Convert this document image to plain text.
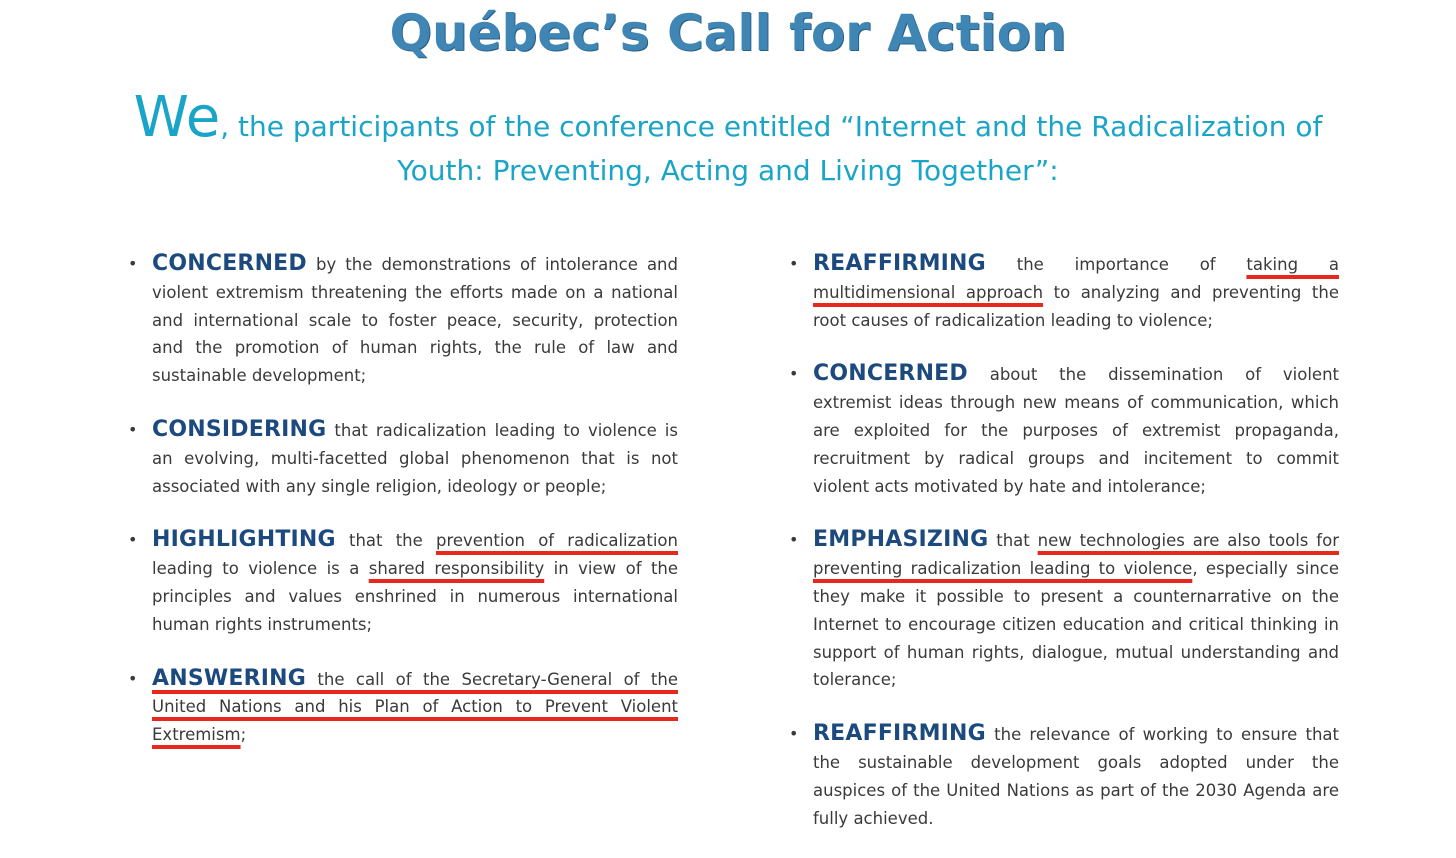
Québec’s Call for Action

We, the participants of the conference entitled “Internet and the Radicalization of Youth: Preventing, Acting and Living Together”:

• CONCERNED by the demonstrations of intolerance and violent extremism threatening the efforts made on a national and international scale to foster peace, security, protection and the promotion of human rights, the rule of law and sustainable development;
• CONSIDERING that radicalization leading to violence is an evolving, multi-facetted global phenomenon that is not associated with any single religion, ideology or people;
• HIGHLIGHTING that the prevention of radicalization leading to violence is a shared responsibility in view of the principles and values enshrined in numerous international human rights instruments;
• ANSWERING the call of the Secretary-General of the United Nations and his Plan of Action to Prevent Violent Extremism;
• REAFFIRMING the importance of taking a multidimensional approach to analyzing and preventing the root causes of radicalization leading to violence;
• CONCERNED about the dissemination of violent extremist ideas through new means of communication, which are exploited for the purposes of extremist propaganda, recruitment by radical groups and incitement to commit violent acts motivated by hate and intolerance;
• EMPHASIZING that new technologies are also tools for preventing radicalization leading to violence, especially since they make it possible to present a counternarrative on the Internet to encourage citizen education and critical thinking in support of human rights, dialogue, mutual understanding and tolerance;
• REAFFIRMING the relevance of working to ensure that the sustainable development goals adopted under the auspices of the United Nations as part of the 2030 Agenda are fully achieved.
